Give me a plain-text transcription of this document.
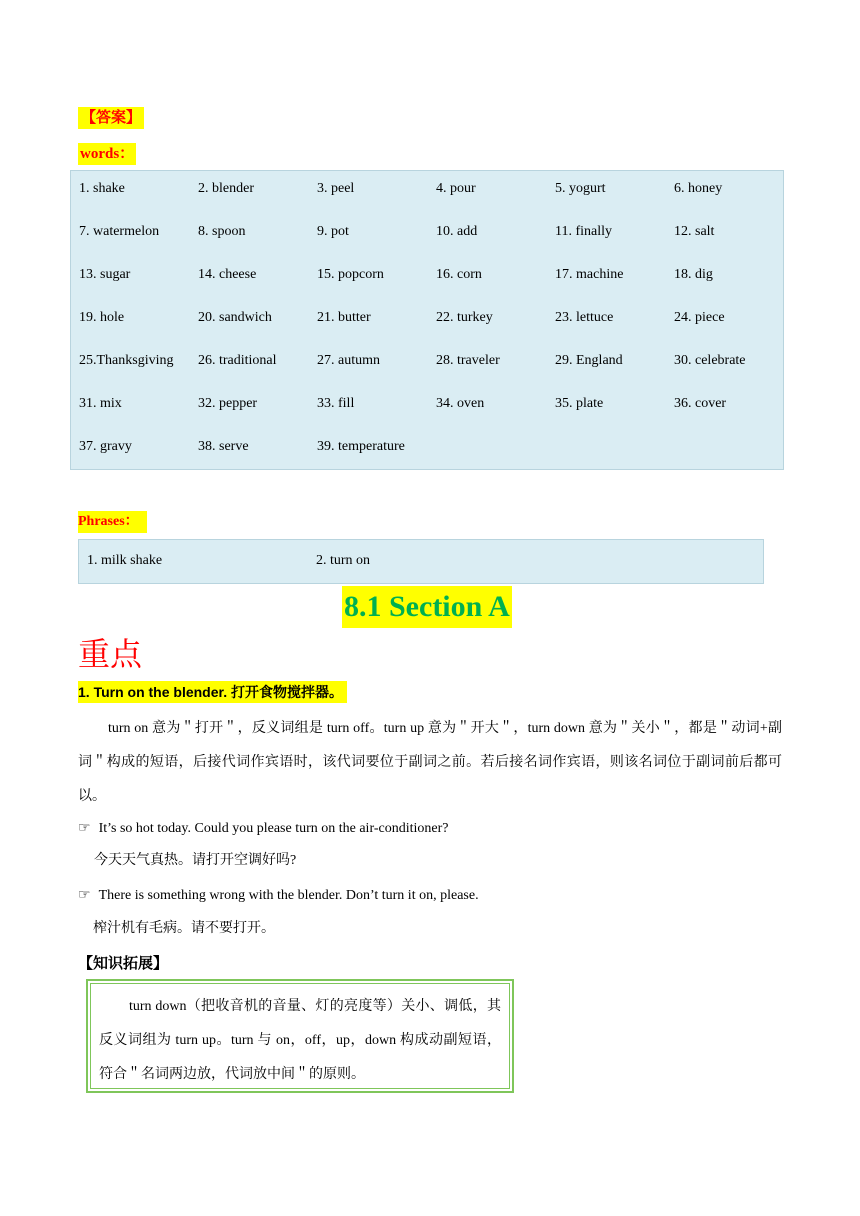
【答案】
words：
1. shake	2. blender	3. peel	4. pour	5. yogurt	6. honey
7. watermelon	8. spoon	9. pot	10. add	11. finally	12. salt
13. sugar	14. cheese	15. popcorn	16. corn	17. machine	18. dig
19. hole	20. sandwich	21. butter	22. turkey	23. lettuce	24. piece
25.Thanksgiving	26. traditional	27. autumn	28. traveler	29. England	30. celebrate
31. mix	32. pepper	33. fill	34. oven	35. plate	36. cover
37. gravy	38. serve	39. temperature
Phrases：
1. milk shake	2. turn on
8.1 Section A
重点
1. Turn on the blender. 打开食物搅拌器。
turn on 意为＂打开＂，反义词组是 turn off。turn up 意为＂开大＂，turn down 意为＂关小＂，都是＂动词+副词＂构成的短语，后接代词作宾语时，该代词要位于副词之前。若后接名词作宾语，则该名词位于副词前后都可以。
☞ It’s so hot today. Could you please turn on the air-conditioner?
今天天气真热。请打开空调好吗?
☞ There is something wrong with the blender. Don’t turn it on, please.
榨汁机有毛病。请不要打开。
【知识拓展】
turn down（把收音机的音量、灯的亮度等）关小、调低，其反义词组为 turn up。turn 与 on，off，up，down 构成动副短语，符合＂名词两边放，代词放中间＂的原则。
